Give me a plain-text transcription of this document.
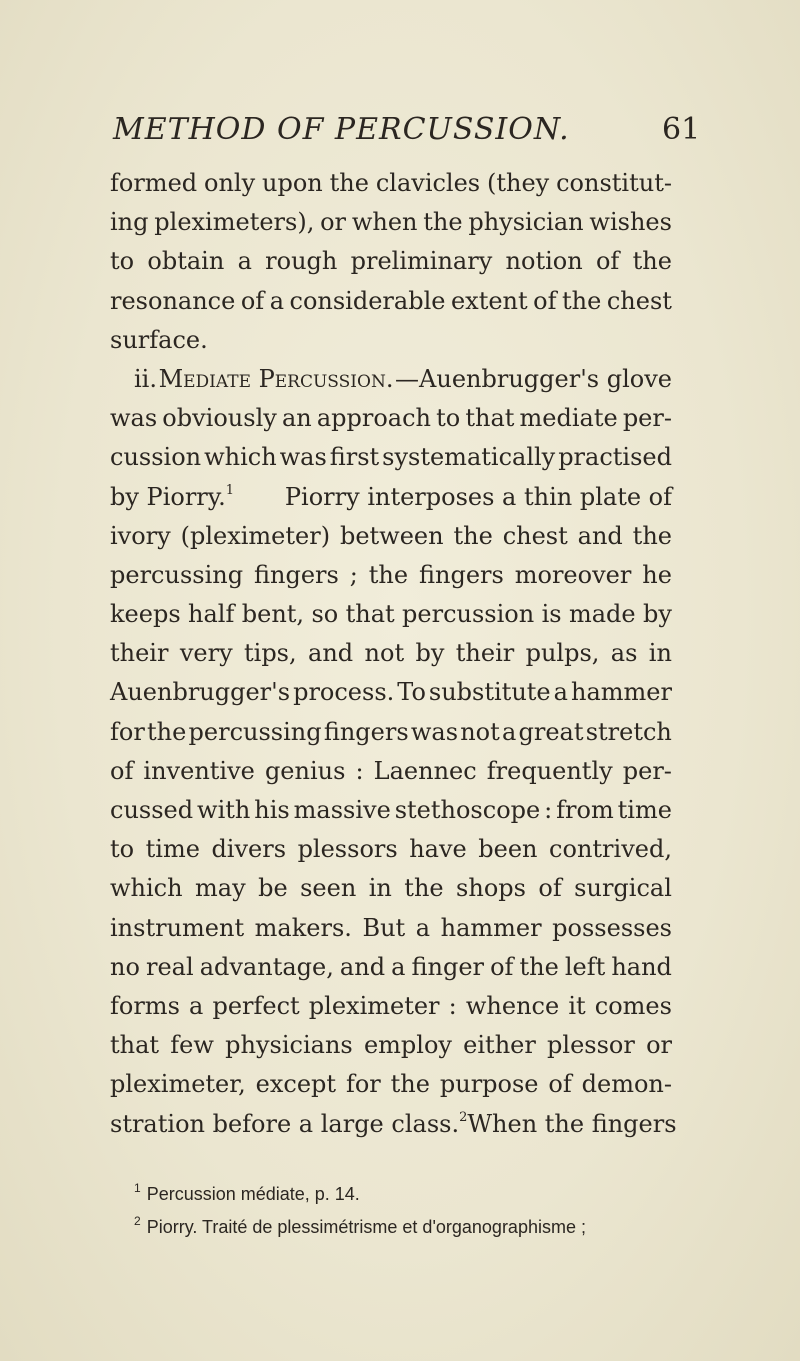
METHOD OF PERCUSSION.	61
formed only upon the clavicles (they constitut-
ing pleximeters), or when the physician wishes
to obtain a rough preliminary notion of the
resonance of a considerable extent of the chest
surface.
ii. Mediate Percussion. —Auenbrugger's glove
was obviously an approach to that mediate per-
cussion which was first systematically practised
by Piorry.$^1$ Piorry interposes a thin plate of
ivory (pleximeter) between the chest and the
percussing fingers ; the fingers moreover he
keeps half bent, so that percussion is made by
their very tips, and not by their pulps, as in
Auenbrugger's process. To substitute a hammer
for the percussing fingers was not a great stretch
of inventive genius : Laennec frequently per-
cussed with his massive stethoscope : from time
to time divers plessors have been contrived,
which may be seen in the shops of surgical
instrument makers. But a hammer possesses
no real advantage, and a finger of the left hand
forms a perfect pleximeter : whence it comes
that few physicians employ either plessor or
pleximeter, except for the purpose of demon-
stration before a large class.$^2$ When the fingers
$^1$ Percussion médiate, p. 14.
$^2$ Piorry. Traité de plessimétrisme et d'organographisme ;
